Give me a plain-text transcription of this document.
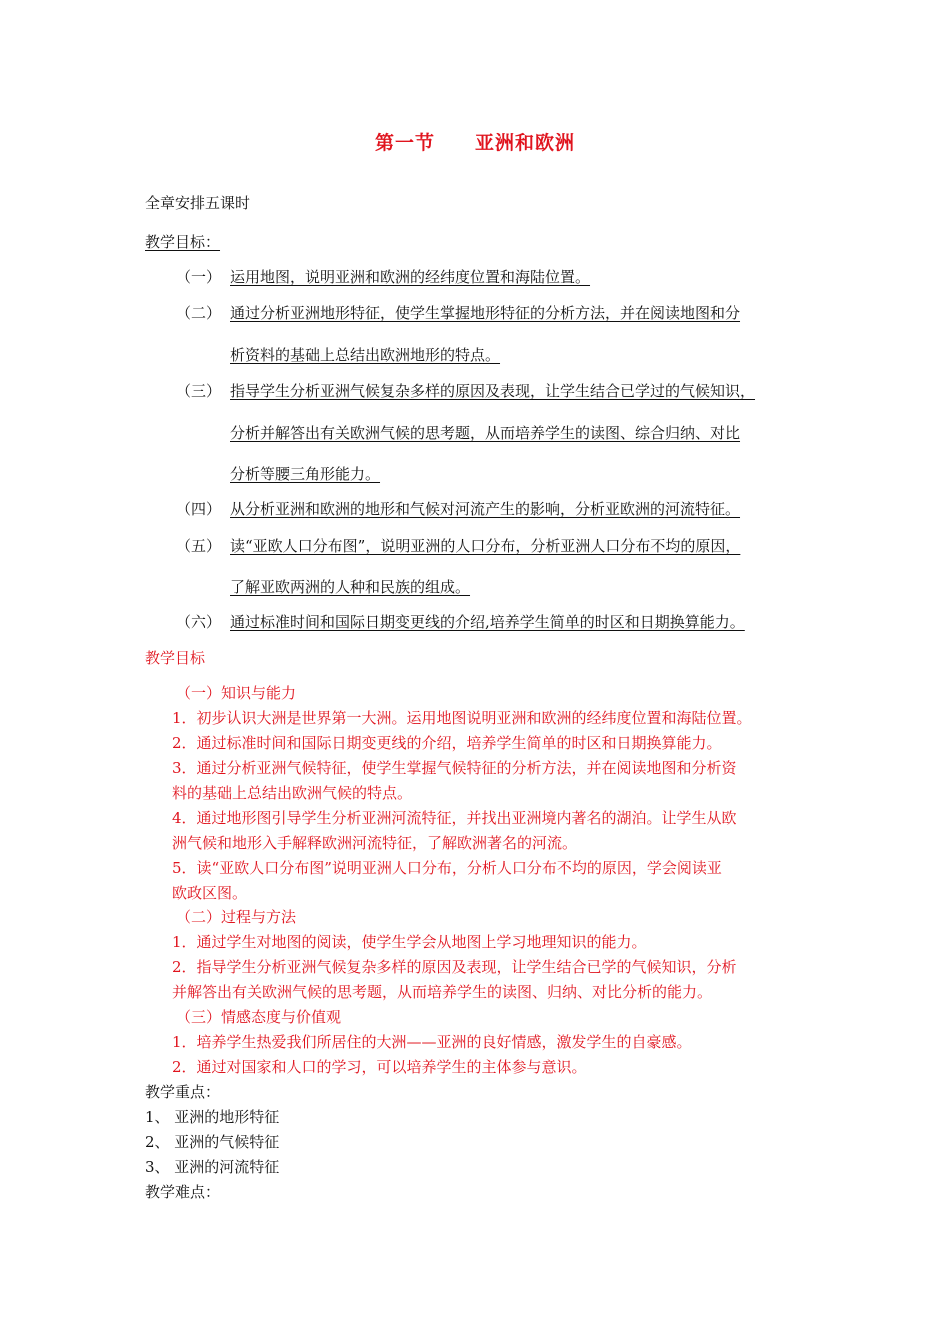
第一节 亚洲和欧洲
全章安排五课时
教学目标：
（一） 运用地图，说明亚洲和欧洲的经纬度位置和海陆位置。
（二） 通过分析亚洲地形特征，使学生掌握地形特征的分析方法，并在阅读地图和分
析资料的基础上总结出欧洲地形的特点。
（三） 指导学生分析亚洲气候复杂多样的原因及表现，让学生结合已学过的气候知识，
分析并解答出有关欧洲气候的思考题，从而培养学生的读图、综合归纳、对比
分析等腰三角形能力。
（四） 从分析亚洲和欧洲的地形和气候对河流产生的影响，分析亚欧洲的河流特征。
（五） 读“亚欧人口分布图”，说明亚洲的人口分布，分析亚洲人口分布不均的原因，
了解亚欧两洲的人种和民族的组成。
（六） 通过标准时间和国际日期变更线的介绍,培养学生简单的时区和日期换算能力。
教学目标
（一）知识与能力
1．初步认识大洲是世界第一大洲。运用地图说明亚洲和欧洲的经纬度位置和海陆位置。
2．通过标准时间和国际日期变更线的介绍，培养学生简单的时区和日期换算能力。
3．通过分析亚洲气候特征，使学生掌握气候特征的分析方法，并在阅读地图和分析资
料的基础上总结出欧洲气候的特点。
4．通过地形图引导学生分析亚洲河流特征，并找出亚洲境内著名的湖泊。让学生从欧
洲气候和地形入手解释欧洲河流特征，了解欧洲著名的河流。
5．读“亚欧人口分布图”说明亚洲人口分布，分析人口分布不均的原因，学会阅读亚
欧政区图。
（二）过程与方法
1．通过学生对地图的阅读，使学生学会从地图上学习地理知识的能力。
2．指导学生分析亚洲气候复杂多样的原因及表现，让学生结合已学的气候知识，分析
并解答出有关欧洲气候的思考题，从而培养学生的读图、归纳、对比分析的能力。
（三）情感态度与价值观
1．培养学生热爱我们所居住的大洲——亚洲的良好情感，激发学生的自豪感。
2．通过对国家和人口的学习，可以培养学生的主体参与意识。
教学重点：
1、 亚洲的地形特征
2、 亚洲的气候特征
3、 亚洲的河流特征
教学难点：
